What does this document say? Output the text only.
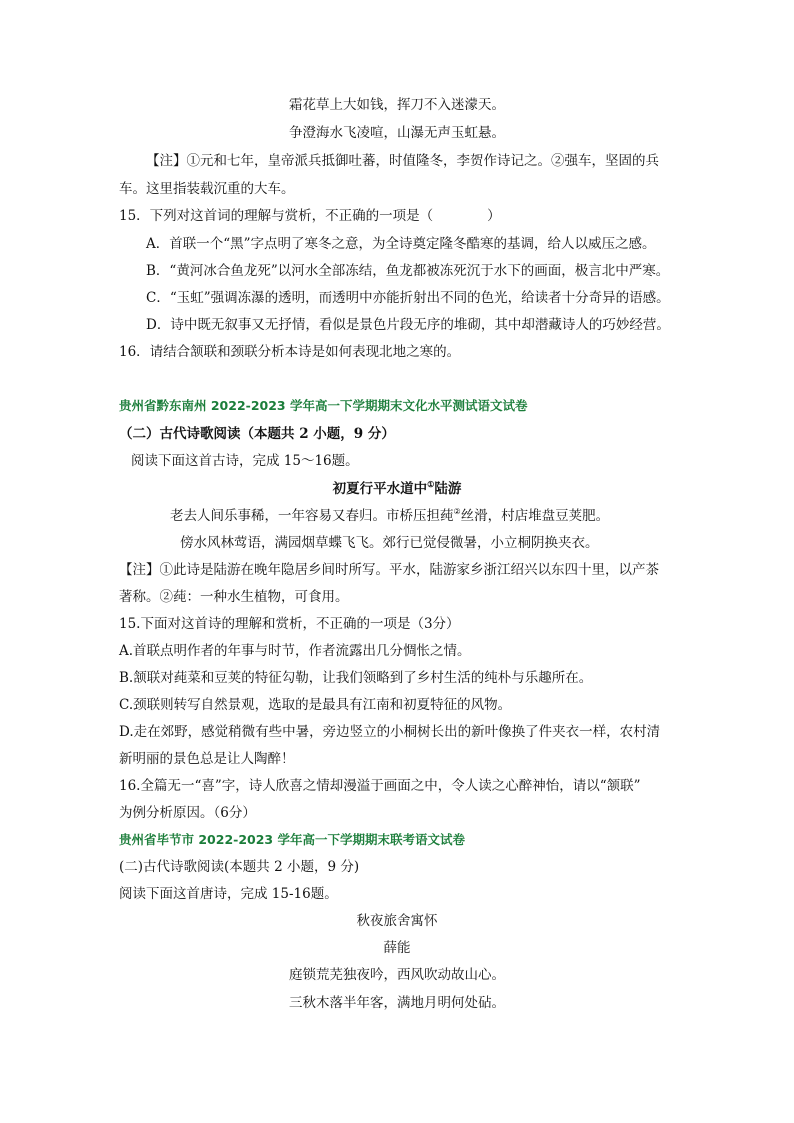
霜花草上大如钱，挥刀不入迷濛天。
争澄海水飞凌喧，山瀑无声玉虹悬。
【注】①元和七年，皇帝派兵抵御吐蕃，时值隆冬，李贺作诗记之。②强车，坚固的兵
车。这里指装载沉重的大车。
15．下列对这首词的理解与赏析，不正确的一项是（　　　　）
A．首联一个“黑”字点明了寒冬之意，为全诗奠定隆冬酷寒的基调，给人以威压之感。
B．“黄河冰合鱼龙死”以河水全部冻结，鱼龙都被冻死沉于水下的画面，极言北中严寒。
C．“玉虹”强调冻瀑的透明，而透明中亦能折射出不同的色光，给读者十分奇异的语感。
D．诗中既无叙事又无抒情，看似是景色片段无序的堆砌，其中却潜藏诗人的巧妙经营。
16．请结合颔联和颈联分析本诗是如何表现北地之寒的。
贵州省黔东南州 2022-2023 学年高一下学期期末文化水平测试语文试卷
（二）古代诗歌阅读（本题共 2 小题，9 分）
阅读下面这首古诗，完成 15～16题。
初夏行平水道中①陆游
老去人间乐事稀，一年容易又春归。市桥压担莼②丝滑，村店堆盘豆荚肥。
傍水风林莺语，满园烟草蝶飞飞。郊行已觉侵微暑，小立桐阴换夹衣。
【注】①此诗是陆游在晚年隐居乡间时所写。平水，陆游家乡浙江绍兴以东四十里，以产茶
著称。②莼：一种水生植物，可食用。
15.下面对这首诗的理解和赏析，不正确的一项是（3分）
A.首联点明作者的年事与时节，作者流露出几分惆怅之情。
B.颔联对莼菜和豆荚的特征勾勒，让我们领略到了乡村生活的纯朴与乐趣所在。
C.颈联则转写自然景观，选取的是最具有江南和初夏特征的风物。
D.走在郊野，感觉稍微有些中暑，旁边竖立的小桐树长出的新叶像换了件夹衣一样，农村清
新明丽的景色总是让人陶醉！
16.全篇无一“喜”字，诗人欣喜之情却漫溢于画面之中，令人读之心醉神怡，请以“颔联”
为例分析原因。（6分）
贵州省毕节市 2022-2023 学年高一下学期期末联考语文试卷
(二)古代诗歌阅读(本题共 2 小题，9 分)
阅读下面这首唐诗，完成 15-16题。
秋夜旅舍寓怀
薛能
庭锁荒芜独夜吟，西风吹动故山心。
三秋木落半年客，满地月明何处砧。
